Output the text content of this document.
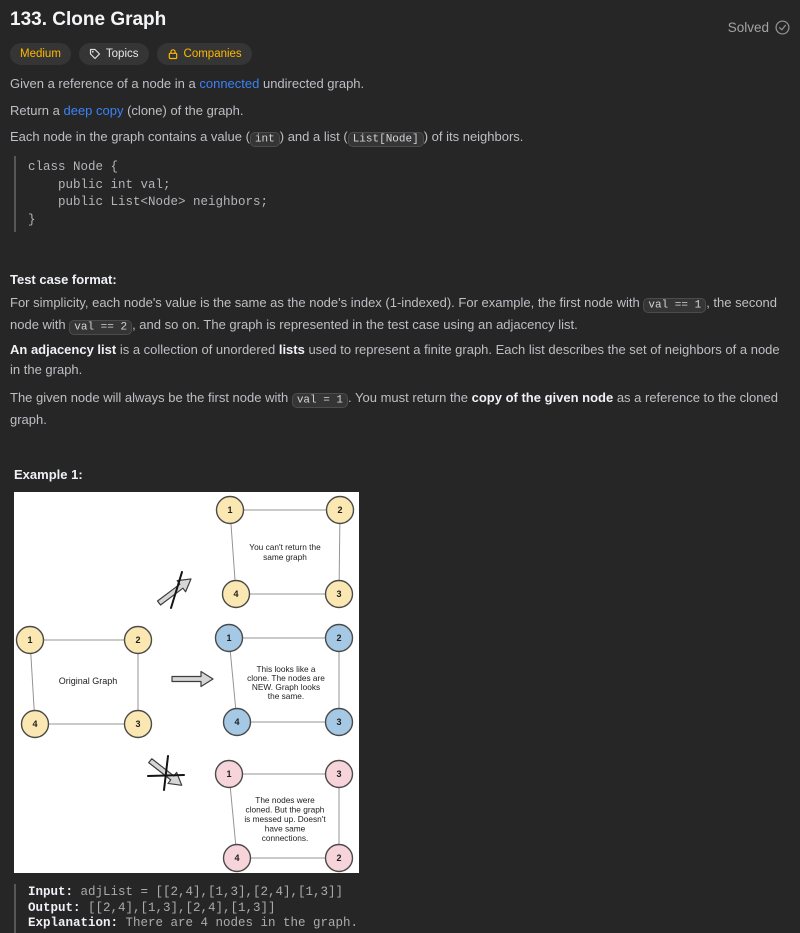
133. Clone Graph	Solved
Medium	Topics	Companies

Given a reference of a node in a connected undirected graph.

Return a deep copy (clone) of the graph.

Each node in the graph contains a value ( int ) and a list ( List[Node] ) of its neighbors.

class Node {
public int val;
public List<Node> neighbors;
}

Test case format:

For simplicity, each node's value is the same as the node's index (1-indexed). For example, the first node with val == 1 , the second node with val == 2 , and so on. The graph is represented in the test case using an adjacency list.

An adjacency list is a collection of unordered lists used to represent a finite graph. Each list describes the set of neighbors of a node in the graph.

The given node will always be the first node with val = 1 . You must return the copy of the given node as a reference to the cloned graph.

Example 1:

1	2
4	3
You can't return the
same graph
1	2
4	3
Original Graph
1	2
4	3
This looks like a
clone. The nodes are
NEW. Graph looks
the same.
1	3
4	2
The nodes were
cloned. But the graph
is messed up. Doesn't
have same
connections.
Input: adjList = [[2,4],[1,3],[2,4],[1,3]]
Output: [[2,4],[1,3],[2,4],[1,3]]
Explanation: There are 4 nodes in the graph.
